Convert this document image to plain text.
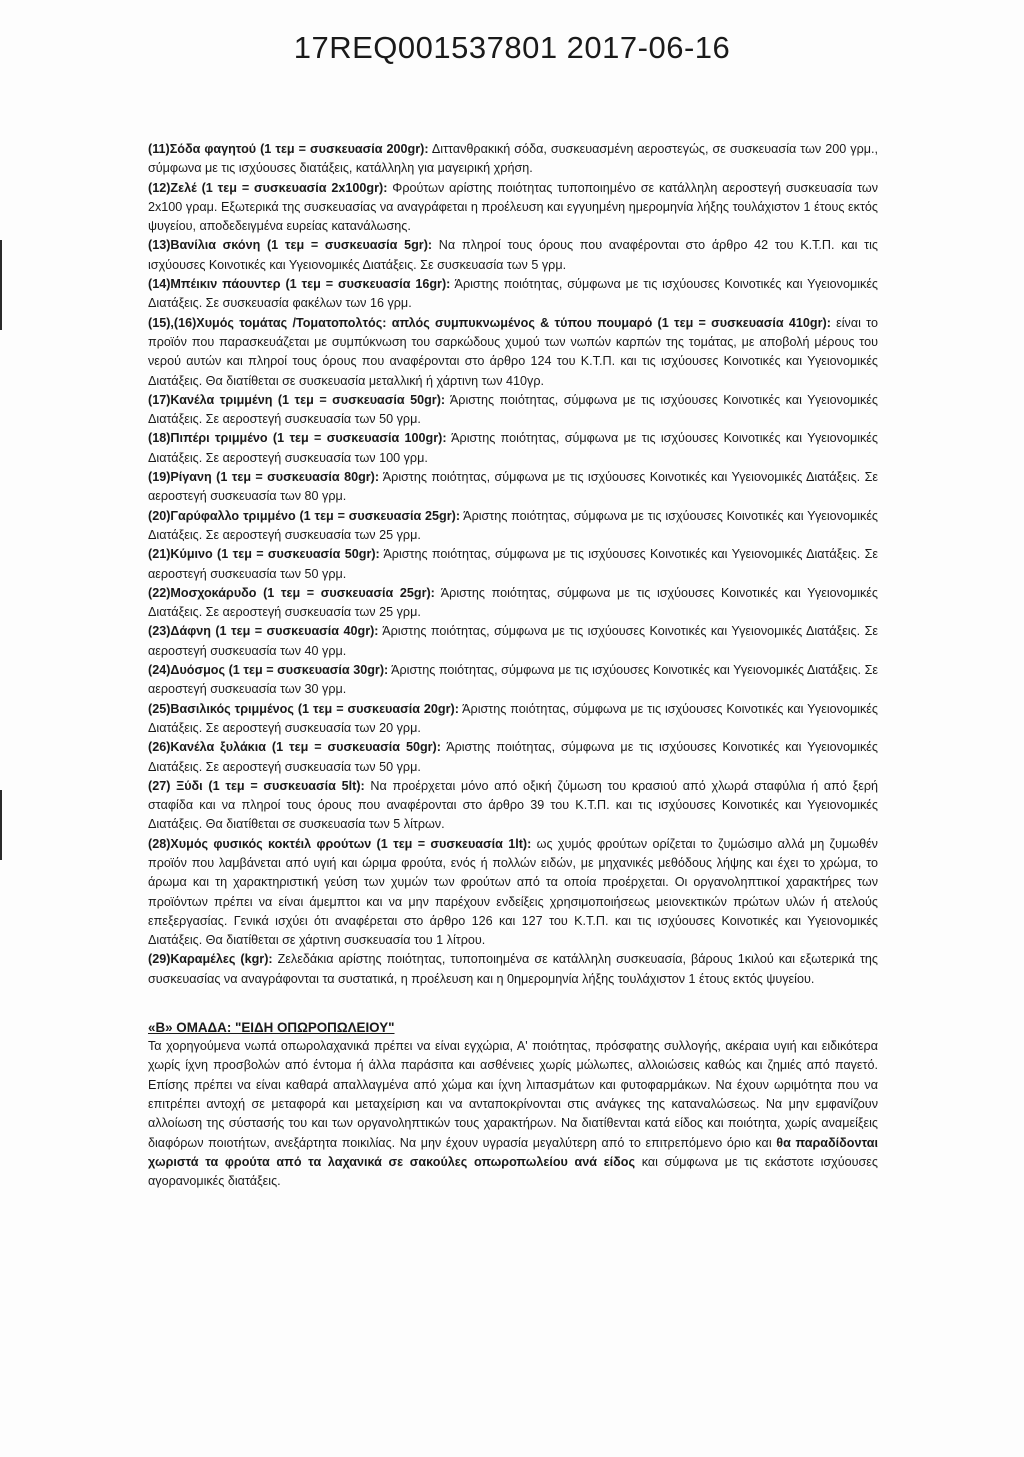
17REQ001537801 2017-06-16

(11)Σόδα φαγητού (1 τεμ = συσκευασία 200gr): Διττανθρακική σόδα, συσκευασμένη αεροστεγώς, σε συσκευασία των 200 γρμ., σύμφωνα με τις ισχύουσες διατάξεις, κατάλληλη για μαγειρική χρήση.

(12)Ζελέ (1 τεμ = συσκευασία 2x100gr): Φρούτων αρίστης ποιότητας τυποποιημένο σε κατάλληλη αεροστεγή συσκευασία των 2x100 γραμ. Εξωτερικά της συσκευασίας να αναγράφεται η προέλευση και εγγυημένη ημερομηνία λήξης τουλάχιστον 1 έτους εκτός ψυγείου, αποδεδειγμένα ευρείας κατανάλωσης.

(13)Βανίλια σκόνη (1 τεμ = συσκευασία 5gr): Να πληροί τους όρους που αναφέρονται στο άρθρο 42 του Κ.Τ.Π. και τις ισχύουσες Κοινοτικές και Υγειονομικές Διατάξεις. Σε συσκευασία των 5 γρμ.

(14)Μπέικιν πάουντερ (1 τεμ = συσκευασία 16gr): Άριστης ποιότητας, σύμφωνα με τις ισχύουσες Κοινοτικές και Υγειονομικές Διατάξεις. Σε συσκευασία φακέλων των 16 γρμ.

(15),(16)Χυμός τομάτας /Τοματοπολτός: απλός συμπυκνωμένος & τύπου πουμαρό (1 τεμ = συσκευασία 410gr): είναι το προϊόν που παρασκευάζεται με συμπύκνωση του σαρκώδους χυμού των νωπών καρπών της τομάτας, με αποβολή μέρους του νερού αυτών και πληροί τους όρους που αναφέρονται στο άρθρο 124 του Κ.Τ.Π. και τις ισχύουσες Κοινοτικές και Υγειονομικές Διατάξεις. Θα διατίθεται σε συσκευασία μεταλλική ή χάρτινη των 410γρ.

(17)Κανέλα τριμμένη (1 τεμ = συσκευασία 50gr): Άριστης ποιότητας, σύμφωνα με τις ισχύουσες Κοινοτικές και Υγειονομικές Διατάξεις. Σε αεροστεγή συσκευασία των 50 γρμ.

(18)Πιπέρι τριμμένο (1 τεμ = συσκευασία 100gr): Άριστης ποιότητας, σύμφωνα με τις ισχύουσες Κοινοτικές και Υγειονομικές Διατάξεις. Σε αεροστεγή συσκευασία των 100 γρμ.

(19)Ρίγανη (1 τεμ = συσκευασία 80gr): Άριστης ποιότητας, σύμφωνα με τις ισχύουσες Κοινοτικές και Υγειονομικές Διατάξεις. Σε αεροστεγή συσκευασία των 80 γρμ.

(20)Γαρύφαλλο τριμμένο (1 τεμ = συσκευασία 25gr): Άριστης ποιότητας, σύμφωνα με τις ισχύουσες Κοινοτικές και Υγειονομικές Διατάξεις. Σε αεροστεγή συσκευασία των 25 γρμ.

(21)Κύμινο (1 τεμ = συσκευασία 50gr): Άριστης ποιότητας, σύμφωνα με τις ισχύουσες Κοινοτικές και Υγειονομικές Διατάξεις. Σε αεροστεγή συσκευασία των 50 γρμ.

(22)Μοσχοκάρυδο (1 τεμ = συσκευασία 25gr): Άριστης ποιότητας, σύμφωνα με τις ισχύουσες Κοινοτικές και Υγειονομικές Διατάξεις. Σε αεροστεγή συσκευασία των 25 γρμ.

(23)Δάφνη (1 τεμ = συσκευασία 40gr): Άριστης ποιότητας, σύμφωνα με τις ισχύουσες Κοινοτικές και Υγειονομικές Διατάξεις. Σε αεροστεγή συσκευασία των 40 γρμ.

(24)Δυόσμος (1 τεμ = συσκευασία 30gr): Άριστης ποιότητας, σύμφωνα με τις ισχύουσες Κοινοτικές και Υγειονομικές Διατάξεις. Σε αεροστεγή συσκευασία των 30 γρμ.

(25)Βασιλικός τριμμένος (1 τεμ = συσκευασία 20gr): Άριστης ποιότητας, σύμφωνα με τις ισχύουσες Κοινοτικές και Υγειονομικές Διατάξεις. Σε αεροστεγή συσκευασία των 20 γρμ.

(26)Κανέλα ξυλάκια (1 τεμ = συσκευασία 50gr): Άριστης ποιότητας, σύμφωνα με τις ισχύουσες Κοινοτικές και Υγειονομικές Διατάξεις. Σε αεροστεγή συσκευασία των 50 γρμ.

(27) Ξύδι (1 τεμ = συσκευασία 5lt): Να προέρχεται μόνο από οξική ζύμωση του κρασιού από χλωρά σταφύλια ή από ξερή σταφίδα και να πληροί τους όρους που αναφέρονται στο άρθρο 39 του Κ.Τ.Π. και τις ισχύουσες Κοινοτικές και Υγειονομικές Διατάξεις. Θα διατίθεται σε συσκευασία των 5 λίτρων.

(28)Χυμός φυσικός κοκτέιλ φρούτων (1 τεμ = συσκευασία 1lt): ως χυμός φρούτων ορίζεται το ζυμώσιμο αλλά μη ζυμωθέν προϊόν που λαμβάνεται από υγιή και ώριμα φρούτα, ενός ή πολλών ειδών, με μηχανικές μεθόδους λήψης και έχει το χρώμα, το άρωμα και τη χαρακτηριστική γεύση των χυμών των φρούτων από τα οποία προέρχεται. Οι οργανοληπτικοί χαρακτήρες των προϊόντων πρέπει να είναι άμεμπτοι και να μην παρέχουν ενδείξεις χρησιμοποιήσεως μειονεκτικών πρώτων υλών ή ατελούς επεξεργασίας. Γενικά ισχύει ότι αναφέρεται στο άρθρο 126 και 127 του Κ.Τ.Π. και τις ισχύουσες Κοινοτικές και Υγειονομικές Διατάξεις. Θα διατίθεται σε χάρτινη συσκευασία του 1 λίτρου.

(29)Καραμέλες (kgr): Ζελεδάκια αρίστης ποιότητας, τυποποιημένα σε κατάλληλη συσκευασία, βάρους 1κιλού και εξωτερικά της συσκευασίας να αναγράφονται τα συστατικά, η προέλευση και η 0ημερομηνία λήξης τουλάχιστον 1 έτους εκτός ψυγείου.

«Β» ΟΜΑΔΑ: "ΕΙΔΗ ΟΠΩΡΟΠΩΛΕΙΟΥ"

Τα χορηγούμενα νωπά οπωρολαχανικά πρέπει να είναι εγχώρια, Α' ποιότητας, πρόσφατης συλλογής, ακέραια υγιή και ειδικότερα χωρίς ίχνη προσβολών από έντομα ή άλλα παράσιτα και ασθένειες χωρίς μώλωπες, αλλοιώσεις καθώς και ζημιές από παγετό. Επίσης πρέπει να είναι καθαρά απαλλαγμένα από χώμα και ίχνη λιπασμάτων και φυτοφαρμάκων. Να έχουν ωριμότητα που να επιτρέπει αντοχή σε μεταφορά και μεταχείριση και να ανταποκρίνονται στις ανάγκες της καταναλώσεως. Να μην εμφανίζουν αλλοίωση της σύστασής του και των οργανοληπτικών τους χαρακτήρων. Να διατίθενται κατά είδος και ποιότητα, χωρίς αναμείξεις διαφόρων ποιοτήτων, ανεξάρτητα ποικιλίας. Να μην έχουν υγρασία μεγαλύτερη από το επιτρεπόμενο όριο και θα παραδίδονται χωριστά τα φρούτα από τα λαχανικά σε σακούλες οπωροπωλείου ανά είδος και σύμφωνα με τις εκάστοτε ισχύουσες αγορανομικές διατάξεις.
